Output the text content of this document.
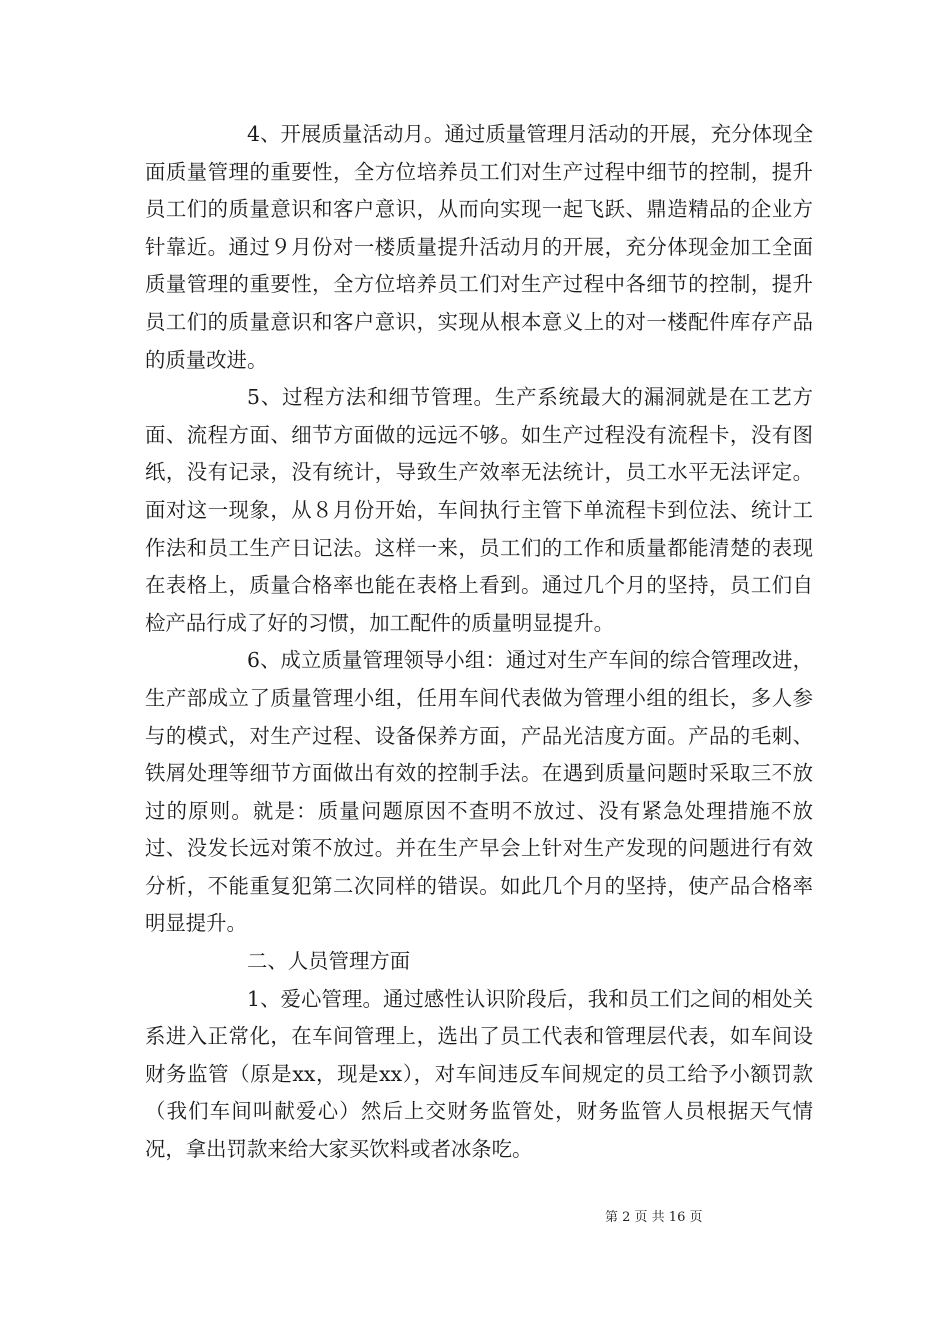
4、开展质量活动月。通过质量管理月活动的开展，充分体现全面质量管理的重要性，全方位培养员工们对生产过程中细节的控制，提升员工们的质量意识和客户意识，从而向实现一起飞跃、鼎造精品的企业方针靠近。通过９月份对一楼质量提升活动月的开展，充分体现金加工全面质量管理的重要性，全方位培养员工们对生产过程中各细节的控制，提升员工们的质量意识和客户意识，实现从根本意义上的对一楼配件库存产品的质量改进。

5、过程方法和细节管理。生产系统最大的漏洞就是在工艺方面、流程方面、细节方面做的远远不够。如生产过程没有流程卡，没有图纸，没有记录，没有统计，导致生产效率无法统计，员工水平无法评定。面对这一现象，从８月份开始，车间执行主管下单流程卡到位法、统计工作法和员工生产日记法。这样一来，员工们的工作和质量都能清楚的表现在表格上，质量合格率也能在表格上看到。通过几个月的坚持，员工们自检产品行成了好的习惯，加工配件的质量明显提升。

6、成立质量管理领导小组：通过对生产车间的综合管理改进，生产部成立了质量管理小组，任用车间代表做为管理小组的组长，多人参与的模式，对生产过程、设备保养方面，产品光洁度方面。产品的毛刺、铁屑处理等细节方面做出有效的控制手法。在遇到质量问题时采取三不放过的原则。就是：质量问题原因不查明不放过、没有紧急处理措施不放过、没发长远对策不放过。并在生产早会上针对生产发现的问题进行有效分析，不能重复犯第二次同样的错误。如此几个月的坚持，使产品合格率明显提升。

二、人员管理方面

1、爱心管理。通过感性认识阶段后，我和员工们之间的相处关系进入正常化，在车间管理上，选出了员工代表和管理层代表，如车间设财务监管（原是xx，现是xx），对车间违反车间规定的员工给予小额罚款（我们车间叫献爱心）然后上交财务监管处，财务监管人员根据天气情况，拿出罚款来给大家买饮料或者冰条吃。

第 2 页 共 16 页
